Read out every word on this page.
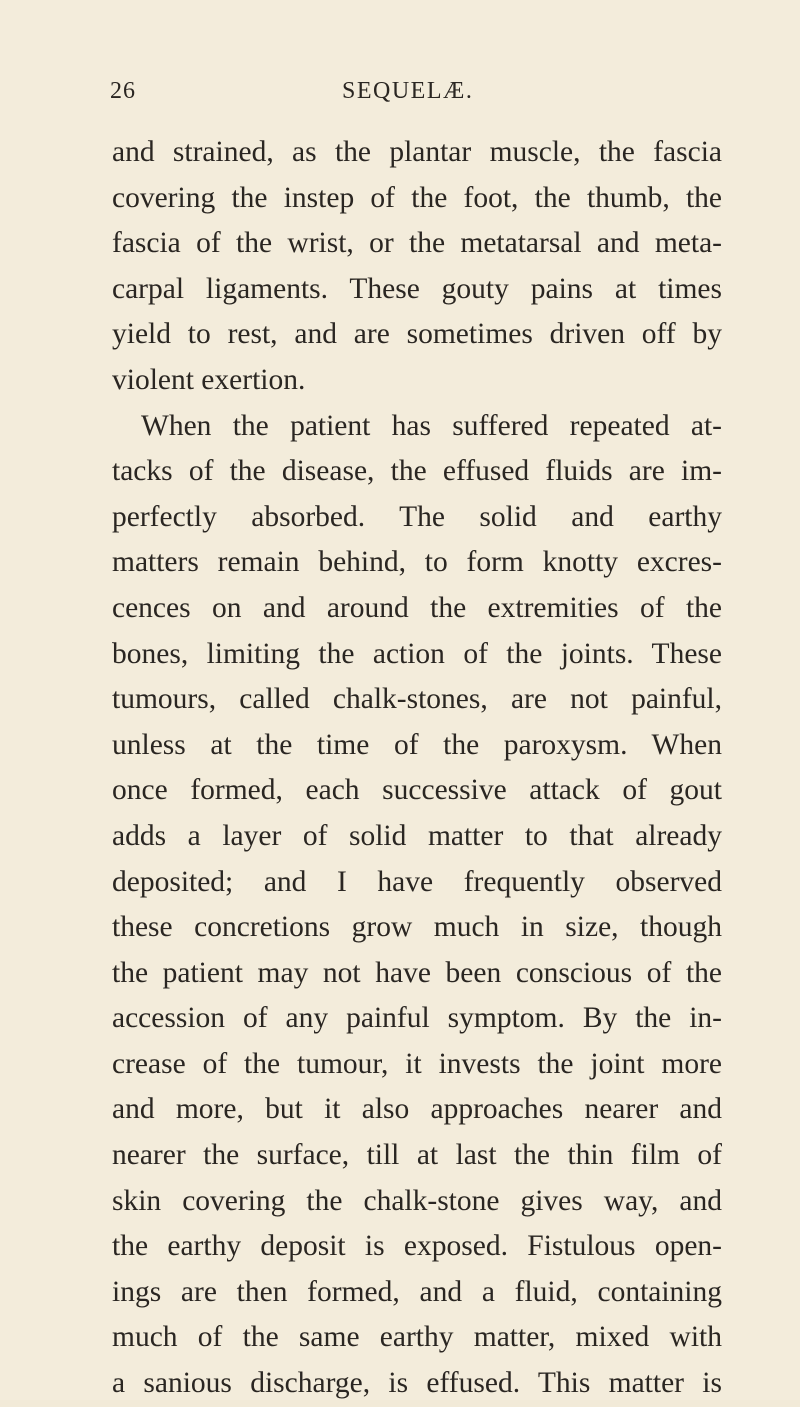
26	SEQUELÆ.
and strained, as the plantar muscle, the fascia
covering the instep of the foot, the thumb, the
fascia of the wrist, or the metatarsal and meta-
carpal ligaments. These gouty pains at times
yield to rest, and are sometimes driven off by
violent exertion.
When the patient has suffered repeated at-
tacks of the disease, the effused fluids are im-
perfectly absorbed. The solid and earthy
matters remain behind, to form knotty excres-
cences on and around the extremities of the
bones, limiting the action of the joints. These
tumours, called chalk-stones, are not painful,
unless at the time of the paroxysm. When
once formed, each successive attack of gout
adds a layer of solid matter to that already
deposited; and I have frequently observed
these concretions grow much in size, though
the patient may not have been conscious of the
accession of any painful symptom. By the in-
crease of the tumour, it invests the joint more
and more, but it also approaches nearer and
nearer the surface, till at last the thin film of
skin covering the chalk-stone gives way, and
the earthy deposit is exposed. Fistulous open-
ings are then formed, and a fluid, containing
much of the same earthy matter, mixed with
a sanious discharge, is effused. This matter is
